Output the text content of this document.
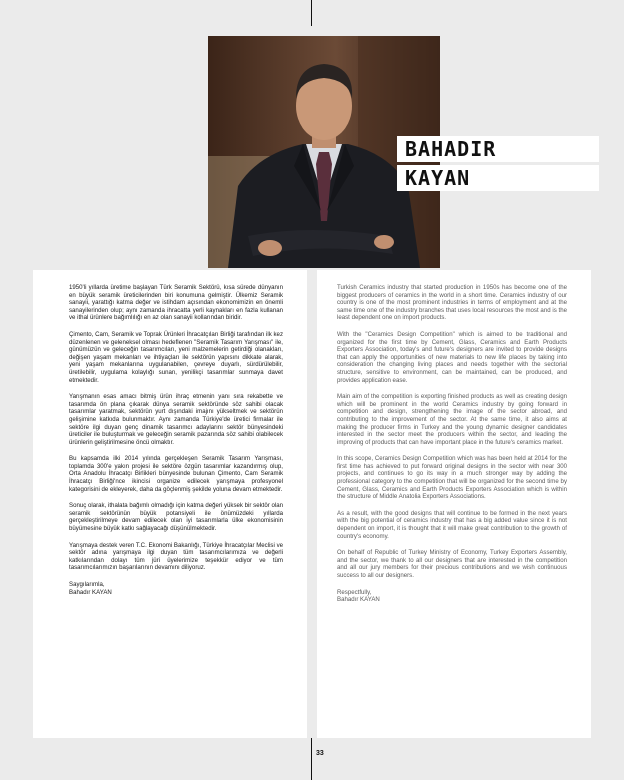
BAHADIR
KAYAN

1950'li yıllarda üretime başlayan Türk Seramik Sektörü, kısa sürede dünyanın en büyük seramik üreticilerinden biri konumuna gelmiştir. Ülkemiz Seramik sanayii, yarattığı katma değer ve istihdam açısından ekonomimizin en önemli sanayilerinden olup; aynı zamanda ihracatta yerli kaynakları en fazla kullanan ve ithal ürünlere bağımlılığı en az olan sanayii kollarından biridir.

Çimento, Cam, Seramik ve Toprak Ürünleri İhracatçıları Birliği tarafından ilk kez düzenlenen ve geleneksel olması hedeflenen "Seramik Tasarım Yarışması" ile, günümüzün ve geleceğin tasarımcıları, yeni malzemelerin getirdiği olanakları, değişen yaşam mekanları ve ihtiyaçları ile sektörün yapısını dikkate alarak, yeni yaşam mekanlarına uygulanabilen, çevreye duyarlı, sürdürülebilir, üretilebilir, uygulama kolaylığı sunan, yenilikçi tasarımlar sunmaya davet etmektedir.

Yarışmanın esas amacı bitmiş ürün ihraç etmenin yanı sıra rekabette ve tasarımda ön plana çıkarak dünya seramik sektöründe söz sahibi olacak tasarımlar yaratmak, sektörün yurt dışındaki imajını yükseltmek ve sektörün gelişimine katkıda bulunmaktır. Aynı zamanda Türkiye'de üretici firmalar ile sektöre ilgi duyan genç dinamik tasarımcı adaylarını sektör bünyesindeki üreticiler ile buluşturmak ve geleceğin seramik pazarında söz sahibi olabilecek ürünlerin geliştirilmesine öncü olmaktır.

Bu kapsamda ilki 2014 yılında gerçekleşen Seramik Tasarım Yarışması, toplamda 300'e yakın projesi ile sektöre özgün tasarımlar kazandırmış olup, Orta Anadolu İhracatçı Birlikleri bünyesinde bulunan Çimento, Cam Seramik İhracatçı Birliği'nce ikincisi organize edilecek yarışmaya profesyonel kategorisini de ekleyerek, daha da göçlenmiş şekilde yoluna devam etmektedir.

Sonuç olarak, ithalata bağımlı olmadığı için katma değeri yüksek bir sektör olan seramik sektörünün büyük potansiyeli ile önümüzdeki yıllarda gerçekleştirilmeye devam edilecek olan iyi tasarımlarla ülke ekonomisinin büyümesine büyük katkı sağlayacağı düşünülmektedir.

Yarışmaya destek veren T.C. Ekonomi Bakanlığı, Türkiye İhracatçılar Meclisi ve sektör adına yarışmaya ilgi duyan tüm tasarımcılarımıza ve değerli katkılarından dolayı tüm jüri üyelerimize teşekkür ediyor ve tüm tasarımcılarımızın başarılarının devamını diliyoruz.

Saygılarımla,
Bahadır KAYAN

Turkish Ceramics industry that started production in 1950s has become one of the biggest producers of ceramics in the world in a short time. Ceramics industry of our country is one of the most prominent industries in terms of employment and at the same time one of the industry branches that uses local resources the most and is the least dependent one on import products.

With the "Ceramics Design Competition" which is aimed to be traditional and organized for the first time by Cement, Glass, Ceramics and Earth Products Exporters Association, today's and future's designers are invited to provide designs that can apply the opportunities of new materials to new life places by taking into consideration the changing living places and needs together with the sectorial structure, sensitive to environment, can be maintained, can be produced, and provides application ease.

Main aim of the competition is exporting finished products as well as creating design which will be prominent in the world Ceramics industry by going forward in competition and design, strengthening the image of the sector abroad, and contributing to the improvement of the sector. At the same time, it also aims at making the producer firms in Turkey and the young dynamic designer candidates interested in the sector meet the producers within the sector, and leading the improving of products that can have important place in the future's ceramics market.

In this scope, Ceramics Design Competition which was has been held at 2014 for the first time has achieved to put forward original designs in the sector with near 300 projects, and continues to go its way in a much stronger way by adding the professional category to the competition that will be organized for the second time by Cement, Glass, Ceramics and Earth Products Exporters Association which is within the structure of Middle Anatolia Exporters Associations.

As a result, with the good designs that will continue to be formed in the next years with the big potential of ceramics industry that has a big added value since it is not dependent on import, it is thought that it will make great contribution to the growth of country's economy.

On behalf of Republic of Turkey Ministry of Economy, Turkey Exporters Assembly, and the sector, we thank to all our designers that are interested in the competition and all our jury members for their precious contributions and we wish continuous success to all our designers.

Respectfully,
Bahadır KAYAN

33
